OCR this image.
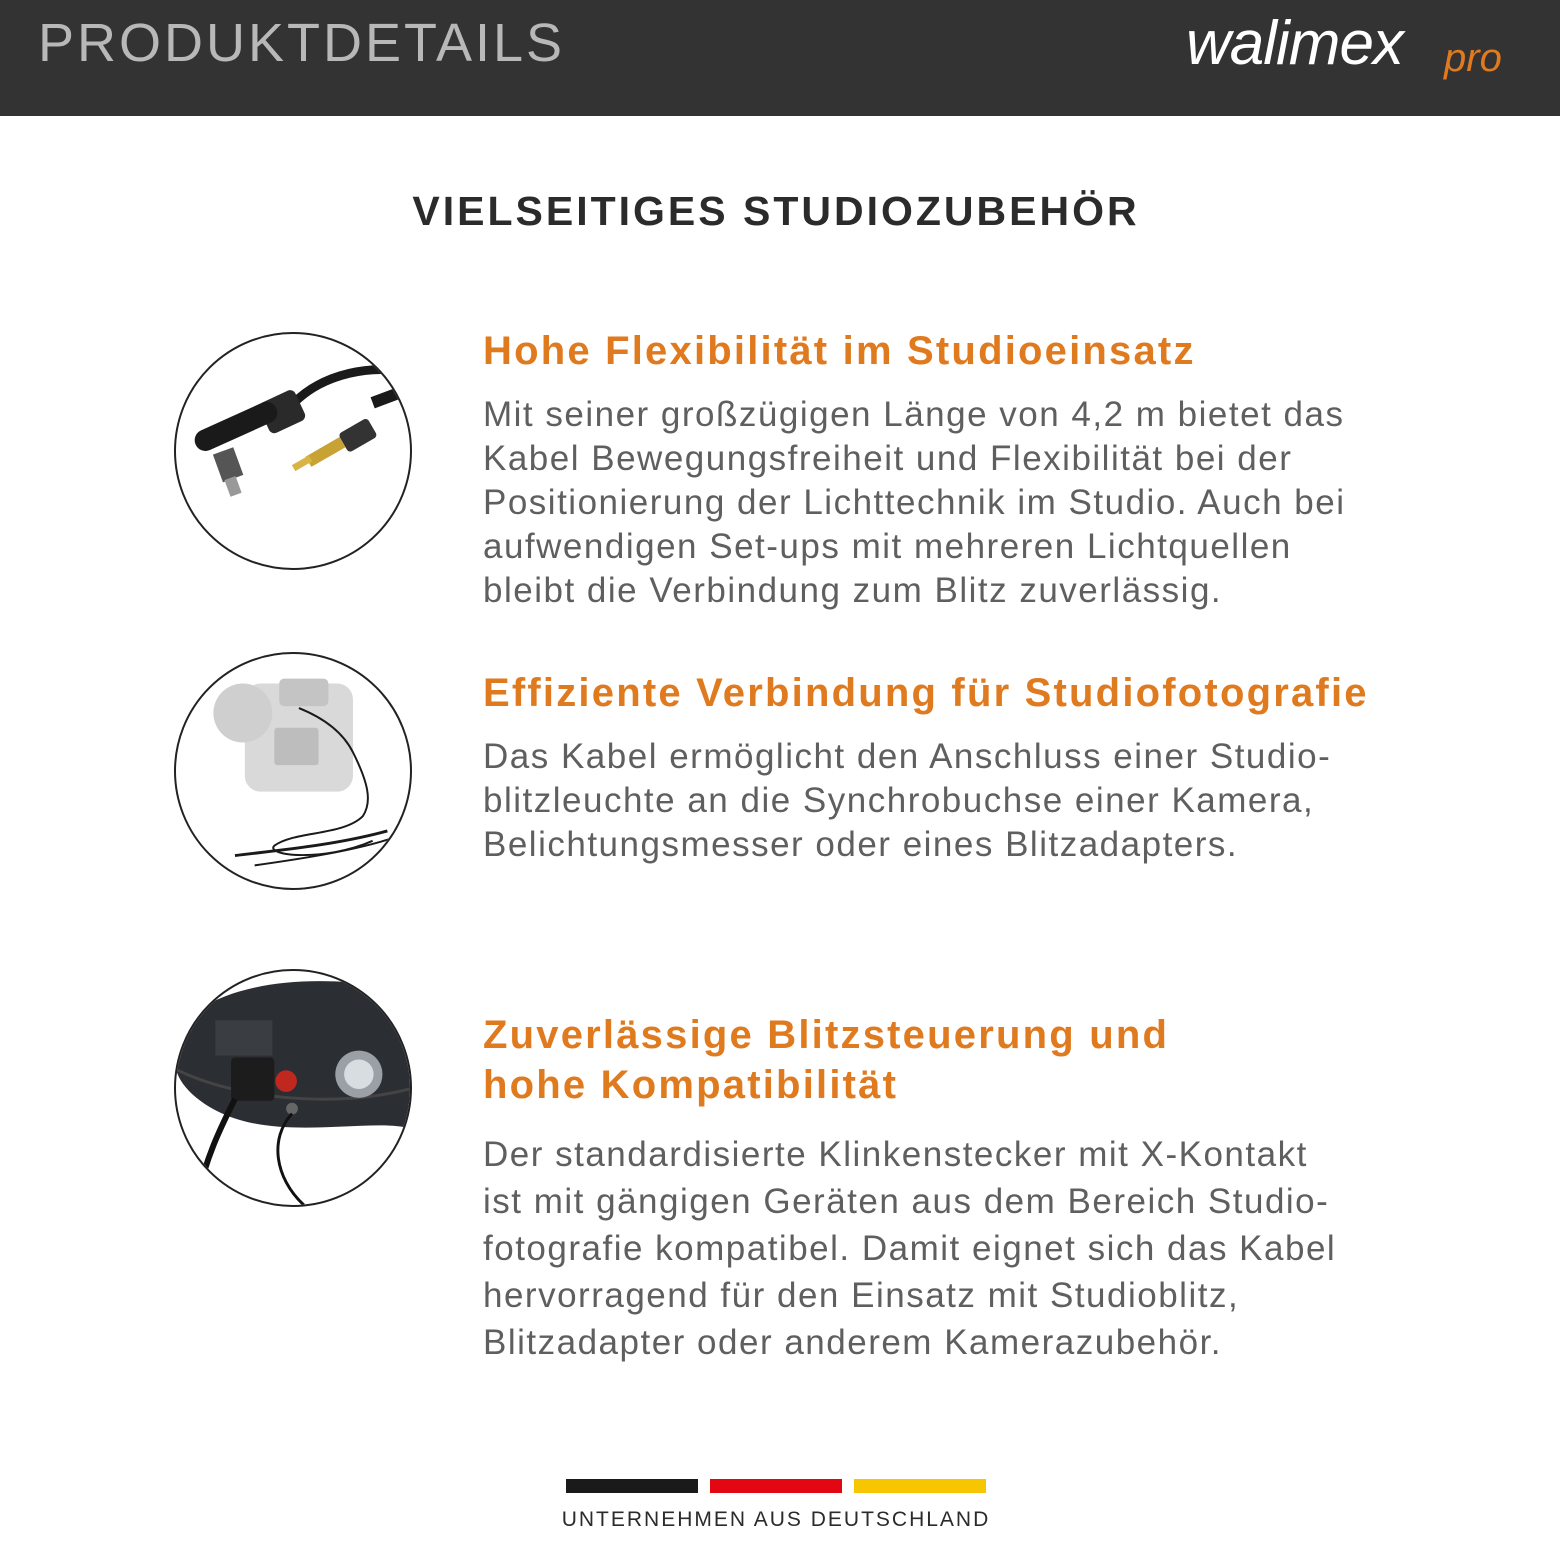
PRODUKTDETAILS	walimex pro
VIELSEITIGES STUDIOZUBEHÖR
Hohe Flexibilität im Studioeinsatz
Mit seiner großzügigen Länge von 4,2 m bietet das
Kabel Bewegungsfreiheit und Flexibilität bei der
Positionierung der Lichttechnik im Studio. Auch bei
aufwendigen Set-ups mit mehreren Lichtquellen
bleibt die Verbindung zum Blitz zuverlässig.
Effiziente Verbindung für Studiofotografie
Das Kabel ermöglicht den Anschluss einer Studio-
blitzleuchte an die Synchrobuchse einer Kamera,
Belichtungsmesser oder eines Blitzadapters.
Zuverlässige Blitzsteuerung und
hohe Kompatibilität
Der standardisierte Klinkenstecker mit X-Kontakt
ist mit gängigen Geräten aus dem Bereich Studio-
fotografie kompatibel. Damit eignet sich das Kabel
hervorragend für den Einsatz mit Studioblitz,
Blitzadapter oder anderem Kamerazubehör.
UNTERNEHMEN AUS DEUTSCHLAND
